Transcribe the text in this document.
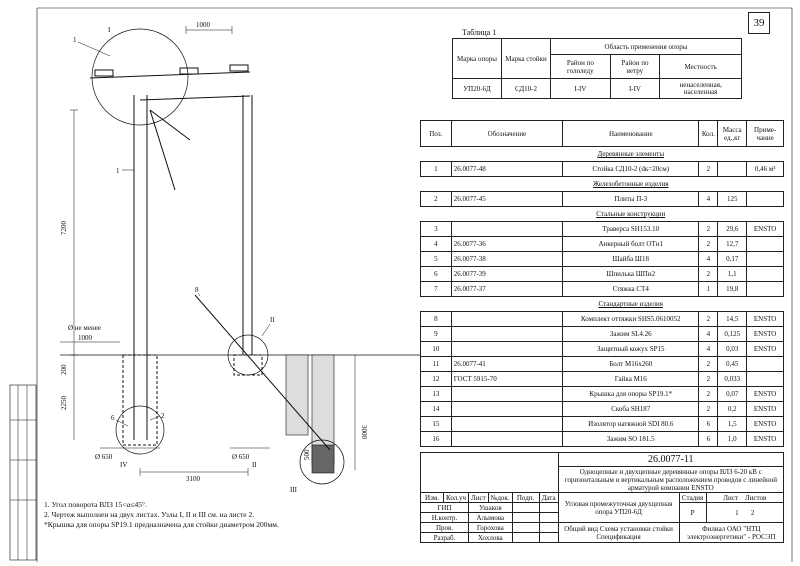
1000
7200
Ø не менее
1000
200
2250
Ø 650	Ø 650
3100
3000
500
1
1
8
6	2
II
II
III
IV
I
39
Таблица 1
Марка опоры	Марка стойки	Область применения опоры		
		Район по гололеду	Район по ветру	Местность
УП20-6Д	СД10-2	I-IV	I-IV	ненаселенная, населенная
Поз.	Обозначение	Наименование	Кол.	Масса ед.,кг	Приме- чание
		Деревянные элементы			
1	26.0077-48	Стойка СД10-2 (dк=20см)	2		0,46 м³
		Железобетонные изделия			
2	26.0077-45	Плиты П-3	4	125	
		Стальные конструкции			
3		Траверса SH153.10	2	29,6	ENSTO
4	26.0077-36	Анкерный болт ОТн1	2	12,7	
5	26.0077-38	Шайба Ш18	4	0,17	
6	26.0077-39	Шпилька ШПн2	2	1,1	
7	26.0077-37	Стяжка СТ4	1	19,8	
		Стандартные изделия			
8		Комплект оттяжки SHS5.0610052	2	14,5	ENSTO
9		Зажим SL4.26	4	0,125	ENSTO
10		Защитный кожух SP15	4	0,03	ENSTO
11	26.0077-41	Болт М16х260	2	0,45	
12	ГОСТ 5915-70	Гайка М16	2	0,033	
13		Крышка для опоры SP19.1*	2	0,07	ENSTO
14		Скоба SH187	2	0,2	ENSTO
15		Изолятор натяжной SDI 80.6	6	1,5	ENSTO
16		Зажим SO 181.5	6	1,0	ENSTO
						26.0077-11		
						Одноцепные и двухцепные деревянные опоры ВЛЗ 6-20 кВ с горизонтальным и вертикальным расположением проводов с линейной арматурой компании ENSTO		
Изм.	Кол.уч	Лист	№док.	Подп.	Дата	Угловая промежуточная двухцепная опора УП20-6Д	Стадия	Лист Листов
ГИП		Ушаков					Р	1 2
Н.контр.		Алымова						
Пров.		Горохова				Общий вид Схема установки стойки Спецификация	Филиал ОАО "НТЦ электроэнергетики" - РОСЭП	
Разраб.		Хохлова						
1. Угол поворота ВЛЗ 15<α≤45°.
2. Чертеж выполнен на двух листах. Узлы I, II и III см. на листе 2.
*Крышка для опоры SP19.1 предназначена для стойки диаметром 200мм.
